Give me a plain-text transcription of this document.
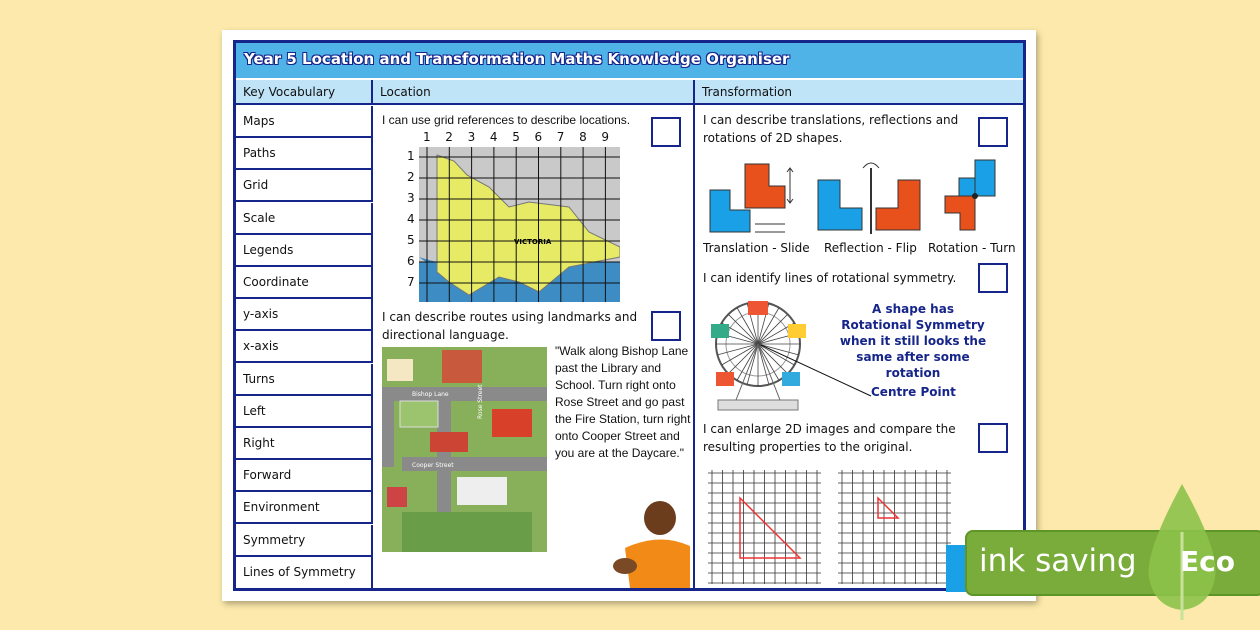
Year 5 Location and Transformation Maths Knowledge Organiser
Key Vocabulary	Location	Transformation
Maps
Paths
Grid
Scale
Legends
Coordinate
y-axis
x-axis
Turns
Left
Right
Forward
Environment
Symmetry
Lines of Symmetry
I can use grid references to describe locations.
1 2 3 4 5 6 7 8 9
1
2
3
4
5
6
7
VICTORIA
I can describe routes using landmarks and directional language.
Bishop Lane	Rose Street
Cooper Street
"Walk along Bishop Lane past the Library and School. Turn right onto Rose Street and go past the Fire Station, turn right onto Cooper Street and you are at the Daycare."
I can describe translations, reflections and rotations of 2D shapes.
Translation - Slide Reflection - Flip Rotation - Turn
I can identify lines of rotational symmetry.
A shape has Rotational Symmetry when it still looks the same after some rotation
Centre Point
I can enlarge 2D images and compare the resulting properties to the original.
ink saving	Eco
